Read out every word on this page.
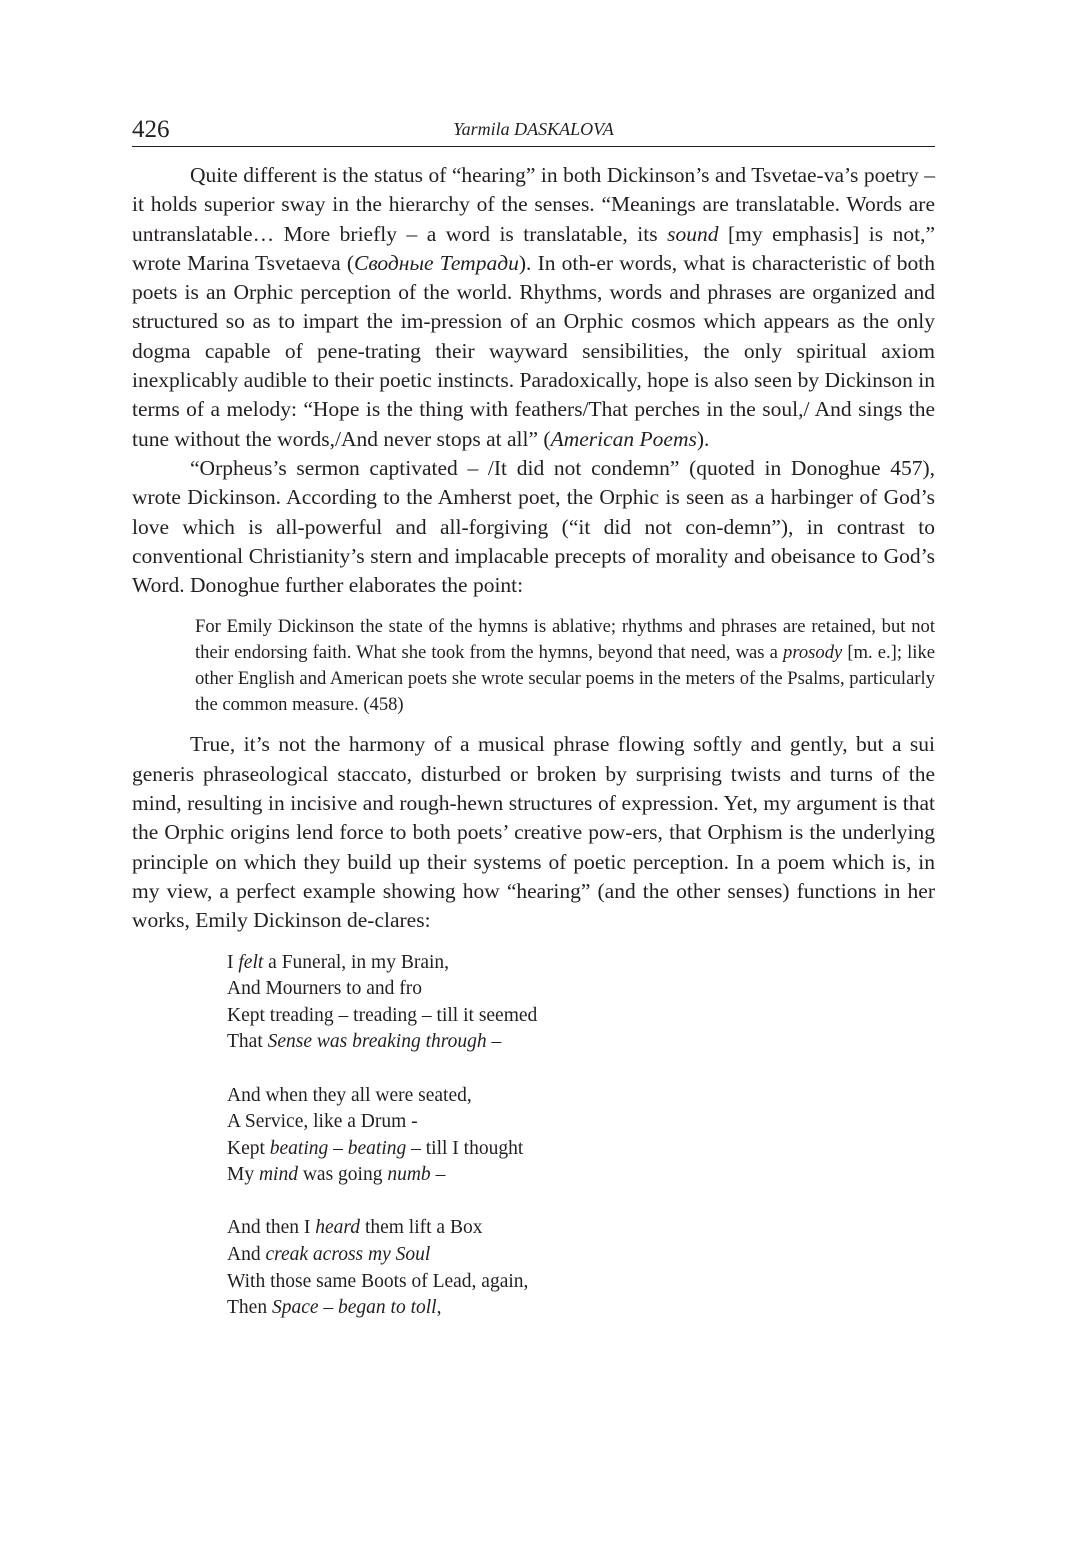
426	Yarmila DASKALOVA

Quite different is the status of “hearing” in both Dickinson’s and Tsvetae-va’s poetry – it holds superior sway in the hierarchy of the senses. “Meanings are translatable. Words are untranslatable… More briefly – a word is translatable, its sound [my emphasis] is not,” wrote Marina Tsvetaeva (Сводные Тетради). In oth-er words, what is characteristic of both poets is an Orphic perception of the world. Rhythms, words and phrases are organized and structured so as to impart the im-pression of an Orphic cosmos which appears as the only dogma capable of pene-trating their wayward sensibilities, the only spiritual axiom inexplicably audible to their poetic instincts. Paradoxically, hope is also seen by Dickinson in terms of a melody: “Hope is the thing with feathers/That perches in the soul,/ And sings the tune without the words,/And never stops at all” (American Poems).

“Orpheus’s sermon captivated – /It did not condemn” (quoted in Donoghue 457), wrote Dickinson. According to the Amherst poet, the Orphic is seen as a harbinger of God’s love which is all-powerful and all-forgiving (“it did not con-demn”), in contrast to conventional Christianity’s stern and implacable precepts of morality and obeisance to God’s Word. Donoghue further elaborates the point:

For Emily Dickinson the state of the hymns is ablative; rhythms and phrases are retained, but not their endorsing faith. What she took from the hymns, beyond that need, was a prosody [m. e.]; like other English and American poets she wrote secular poems in the meters of the Psalms, particularly the common measure. (458)

True, it’s not the harmony of a musical phrase flowing softly and gently, but a sui generis phraseological staccato, disturbed or broken by surprising twists and turns of the mind, resulting in incisive and rough-hewn structures of expression. Yet, my argument is that the Orphic origins lend force to both poets’ creative pow-ers, that Orphism is the underlying principle on which they build up their systems of poetic perception. In a poem which is, in my view, a perfect example showing how “hearing” (and the other senses) functions in her works, Emily Dickinson de-clares:

I felt a Funeral, in my Brain,
And Mourners to and fro
Kept treading – treading – till it seemed
That Sense was breaking through –
And when they all were seated,
A Service, like a Drum -
Kept beating – beating – till I thought
My mind was going numb –
And then I heard them lift a Box
And creak across my Soul
With those same Boots of Lead, again,
Then Space – began to toll,
